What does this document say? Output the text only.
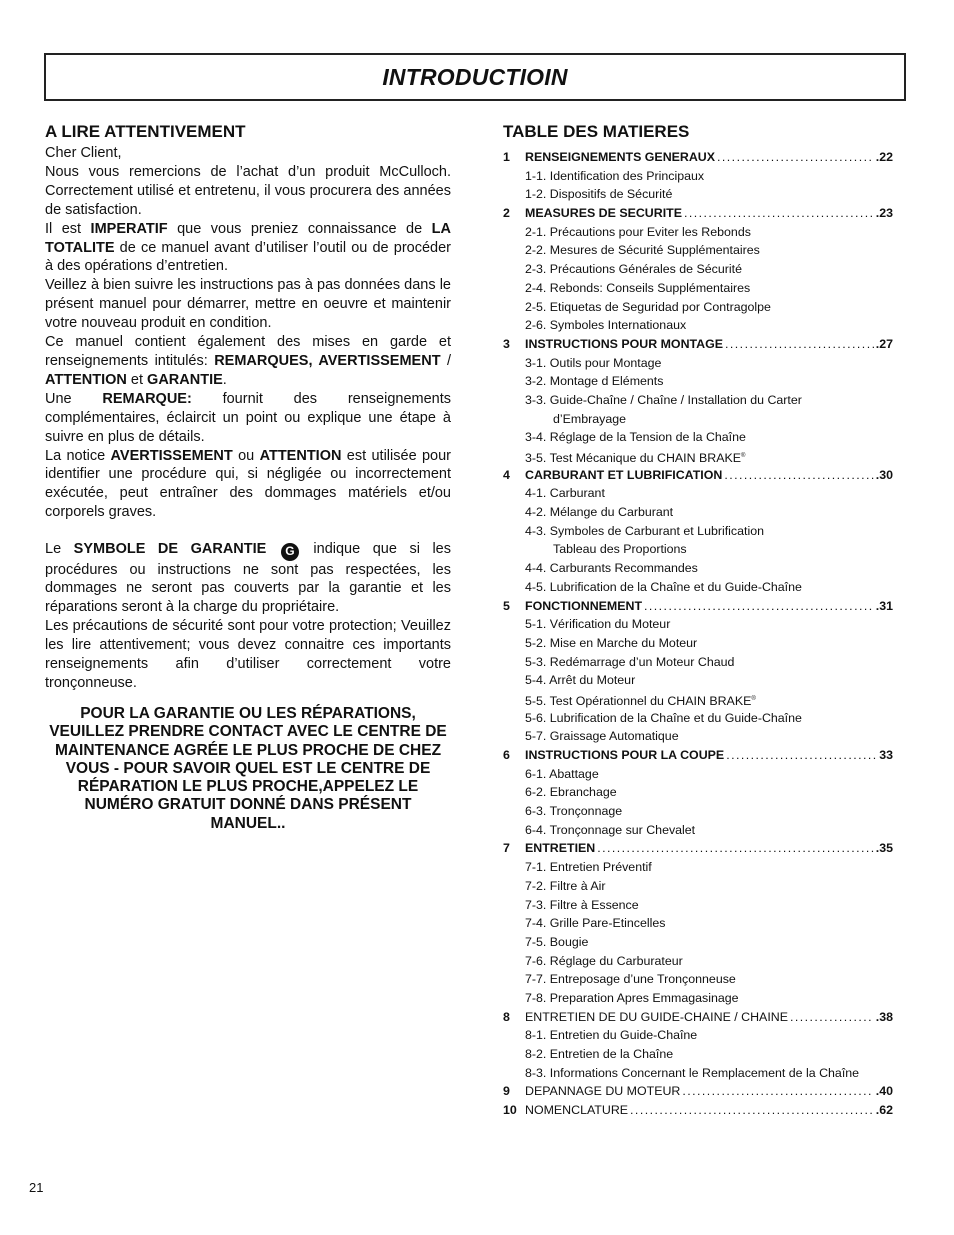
INTRODUCTIOIN
A LIRE ATTENTIVEMENT

Cher Client,

Nous vous remercions de l’achat d’un produit McCulloch. Correctement utilisé et entretenu, il vous procurera des années de satisfaction.

Il est IMPERATIF que vous preniez connaissance de LA TOTALITE de ce manuel avant d’utiliser l’outil ou de procéder à des opérations d’entretien.

Veillez à bien suivre les instructions pas à pas données dans le présent manuel pour démarrer, mettre en oeuvre et maintenir votre nouveau produit en condition.

Ce manuel contient également des mises en garde et renseignements intitulés: REMARQUES, AVERTISSEMENT / ATTENTION et GARANTIE.

Une REMARQUE: fournit des renseignements complémentaires, éclaircit un point ou explique une étape à suivre en plus de détails.

La notice AVERTISSEMENT ou ATTENTION est utilisée pour identifier une procédure qui, si négligée ou incorrectement exécutée, peut entraîner des dommages matériels et/ou corporels graves.

Le SYMBOLE DE GARANTIE G indique que si les procédures ou instructions ne sont pas respectées, les dommages ne seront pas couverts par la garantie et les réparations seront à la charge du propriétaire.

Les précautions de sécurité sont pour votre protection; Veuillez les lire attentivement; vous devez connaitre ces importants renseignements afin d’utiliser correctement votre tronçonneuse.

POUR LA GARANTIE OU LES RÉPARATIONS, VEUILLEZ PRENDRE CONTACT AVEC LE CENTRE DE MAINTENANCE AGRÉE LE PLUS PROCHE DE CHEZ VOUS - POUR SAVOIR QUEL EST LE CENTRE DE RÉPARATION LE PLUS PROCHE,APPELEZ LE NUMÉRO GRATUIT DONNÉ DANS PRÉSENT MANUEL..

TABLE DES MATIERES
1	RENSEIGNEMENTS GENERAUX . . .	.22
1-1. Identification des Principaux
1-2. Dispositifs de Sécurité
2	MEASURES DE SECURITE . . .	.23
2-1. Précautions pour Eviter les Rebonds
2-2. Mesures de Sécurité Supplémentaires
2-3. Précautions Générales de Sécurité
2-4. Rebonds: Conseils Supplémentaires
2-5. Etiquetas de Seguridad por Contragolpe
2-6. Symboles Internationaux
3	INSTRUCTIONS POUR MONTAGE . . .	.27
3-1. Outils pour Montage
3-2. Montage d Eléments
3-3. Guide-Chaîne / Chaîne / Installation du Carter
d’Embrayage
3-4. Réglage de la Tension de la Chaîne
3-5. Test Mécanique du CHAIN BRAKE®
4	CARBURANT ET LUBRIFICATION . . .	.30
4-1. Carburant
4-2. Mélange du Carburant
4-3. Symboles de Carburant et Lubrification
Tableau des Proportions
4-4. Carburants Recommandes
4-5. Lubrification de la Chaîne et du Guide-Chaîne
5	FONCTIONNEMENT . . .	.31
5-1. Vérification du Moteur
5-2. Mise en Marche du Moteur
5-3. Redémarrage d’un Moteur Chaud
5-4. Arrêt du Moteur
5-5. Test Opérationnel du CHAIN BRAKE®
5-6. Lubrification de la Chaîne et du Guide-Chaîne
5-7. Graissage Automatique
6	INSTRUCTIONS POUR LA COUPE . . .	33
6-1. Abattage
6-2. Ebranchage
6-3. Tronçonnage
6-4. Tronçonnage sur Chevalet
7	ENTRETIEN . . .	.35
7-1. Entretien Préventif
7-2. Filtre à Air
7-3. Filtre à Essence
7-4. Grille Pare-Etincelles
7-5. Bougie
7-6. Réglage du Carburateur
7-7. Entreposage d’une Tronçonneuse
7-8. Preparation Apres Emmagasinage
8	ENTRETIEN DE DU GUIDE-CHAINE / CHAINE . . .	.38
8-1. Entretien du Guide-Chaîne
8-2. Entretien de la Chaîne
8-3. Informations Concernant le Remplacement de la Chaîne
9	DEPANNAGE DU MOTEUR . . .	.40
10 NOMENCLATURE . . .	.62
21
